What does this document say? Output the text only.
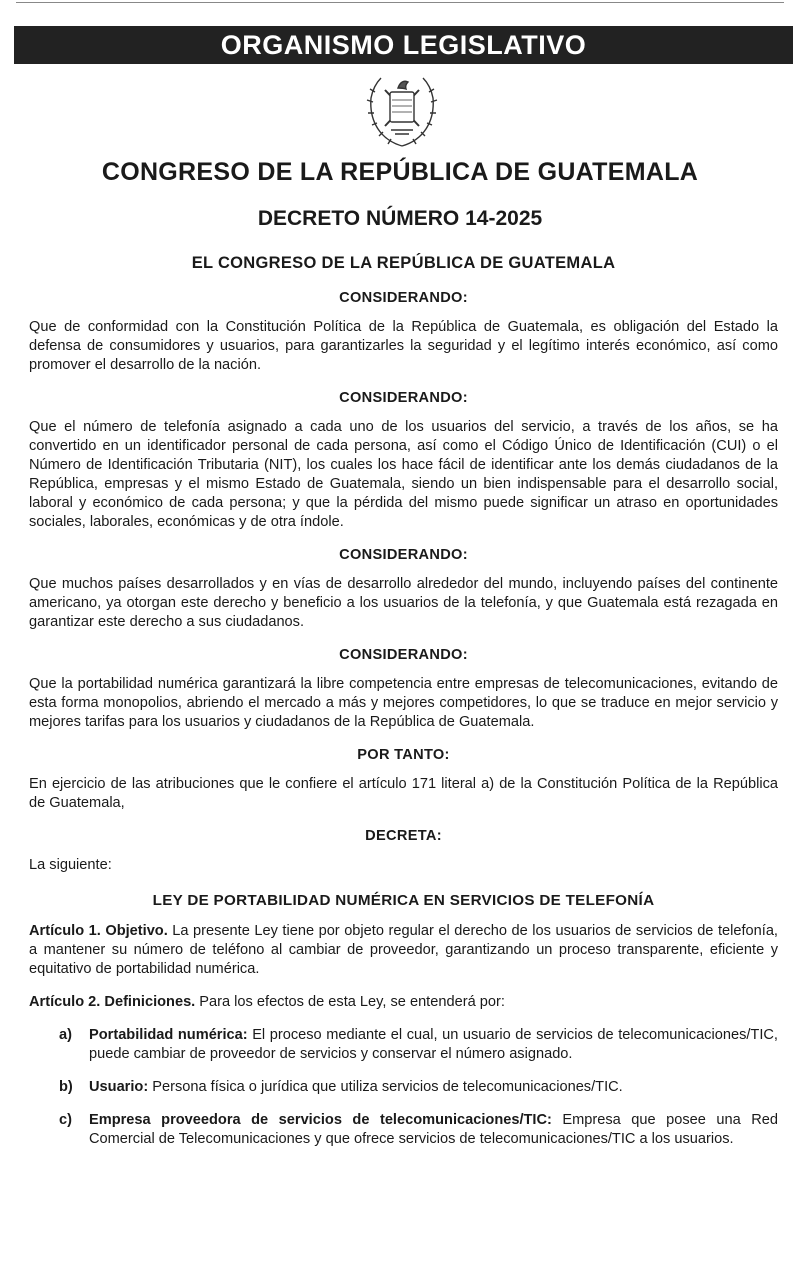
ORGANISMO LEGISLATIVO
CONGRESO DE LA REPÚBLICA DE GUATEMALA
DECRETO NÚMERO 14-2025
EL CONGRESO DE LA REPÚBLICA DE GUATEMALA
CONSIDERANDO:

Que de conformidad con la Constitución Política de la República de Guatemala, es obligación del Estado la defensa de consumidores y usuarios, para garantizarles la seguridad y el legítimo interés económico, así como promover el desarrollo de la nación.

CONSIDERANDO:

Que el número de telefonía asignado a cada uno de los usuarios del servicio, a través de los años, se ha convertido en un identificador personal de cada persona, así como el Código Único de Identificación (CUI) o el Número de Identificación Tributaria (NIT), los cuales los hace fácil de identificar ante los demás ciudadanos de la República, empresas y el mismo Estado de Guatemala, siendo un bien indispensable para el desarrollo social, laboral y económico de cada persona; y que la pérdida del mismo puede significar un atraso en oportunidades sociales, laborales, económicas y de otra índole.

CONSIDERANDO:

Que muchos países desarrollados y en vías de desarrollo alrededor del mundo, incluyendo países del continente americano, ya otorgan este derecho y beneficio a los usuarios de la telefonía, y que Guatemala está rezagada en garantizar este derecho a sus ciudadanos.

CONSIDERANDO:

Que la portabilidad numérica garantizará la libre competencia entre empresas de telecomunicaciones, evitando de esta forma monopolios, abriendo el mercado a más y mejores competidores, lo que se traduce en mejor servicio y mejores tarifas para los usuarios y ciudadanos de la República de Guatemala.

POR TANTO:

En ejercicio de las atribuciones que le confiere el artículo 171 literal a) de la Constitución Política de la República de Guatemala,

DECRETA:

La siguiente:

LEY DE PORTABILIDAD NUMÉRICA EN SERVICIOS DE TELEFONÍA

Artículo 1. Objetivo. La presente Ley tiene por objeto regular el derecho de los usuarios de servicios de telefonía, a mantener su número de teléfono al cambiar de proveedor, garantizando un proceso transparente, eficiente y equitativo de portabilidad numérica.

Artículo 2. Definiciones. Para los efectos de esta Ley, se entenderá por:

a)	Portabilidad numérica: El proceso mediante el cual, un usuario de servicios de telecomunicaciones/TIC, puede cambiar de proveedor de servicios y conservar el número asignado.
b)	Usuario: Persona física o jurídica que utiliza servicios de telecomunicaciones/TIC.
c)	Empresa proveedora de servicios de telecomunicaciones/TIC: Empresa que posee una Red Comercial de Telecomunicaciones y que ofrece servicios de telecomunicaciones/TIC a los usuarios.
